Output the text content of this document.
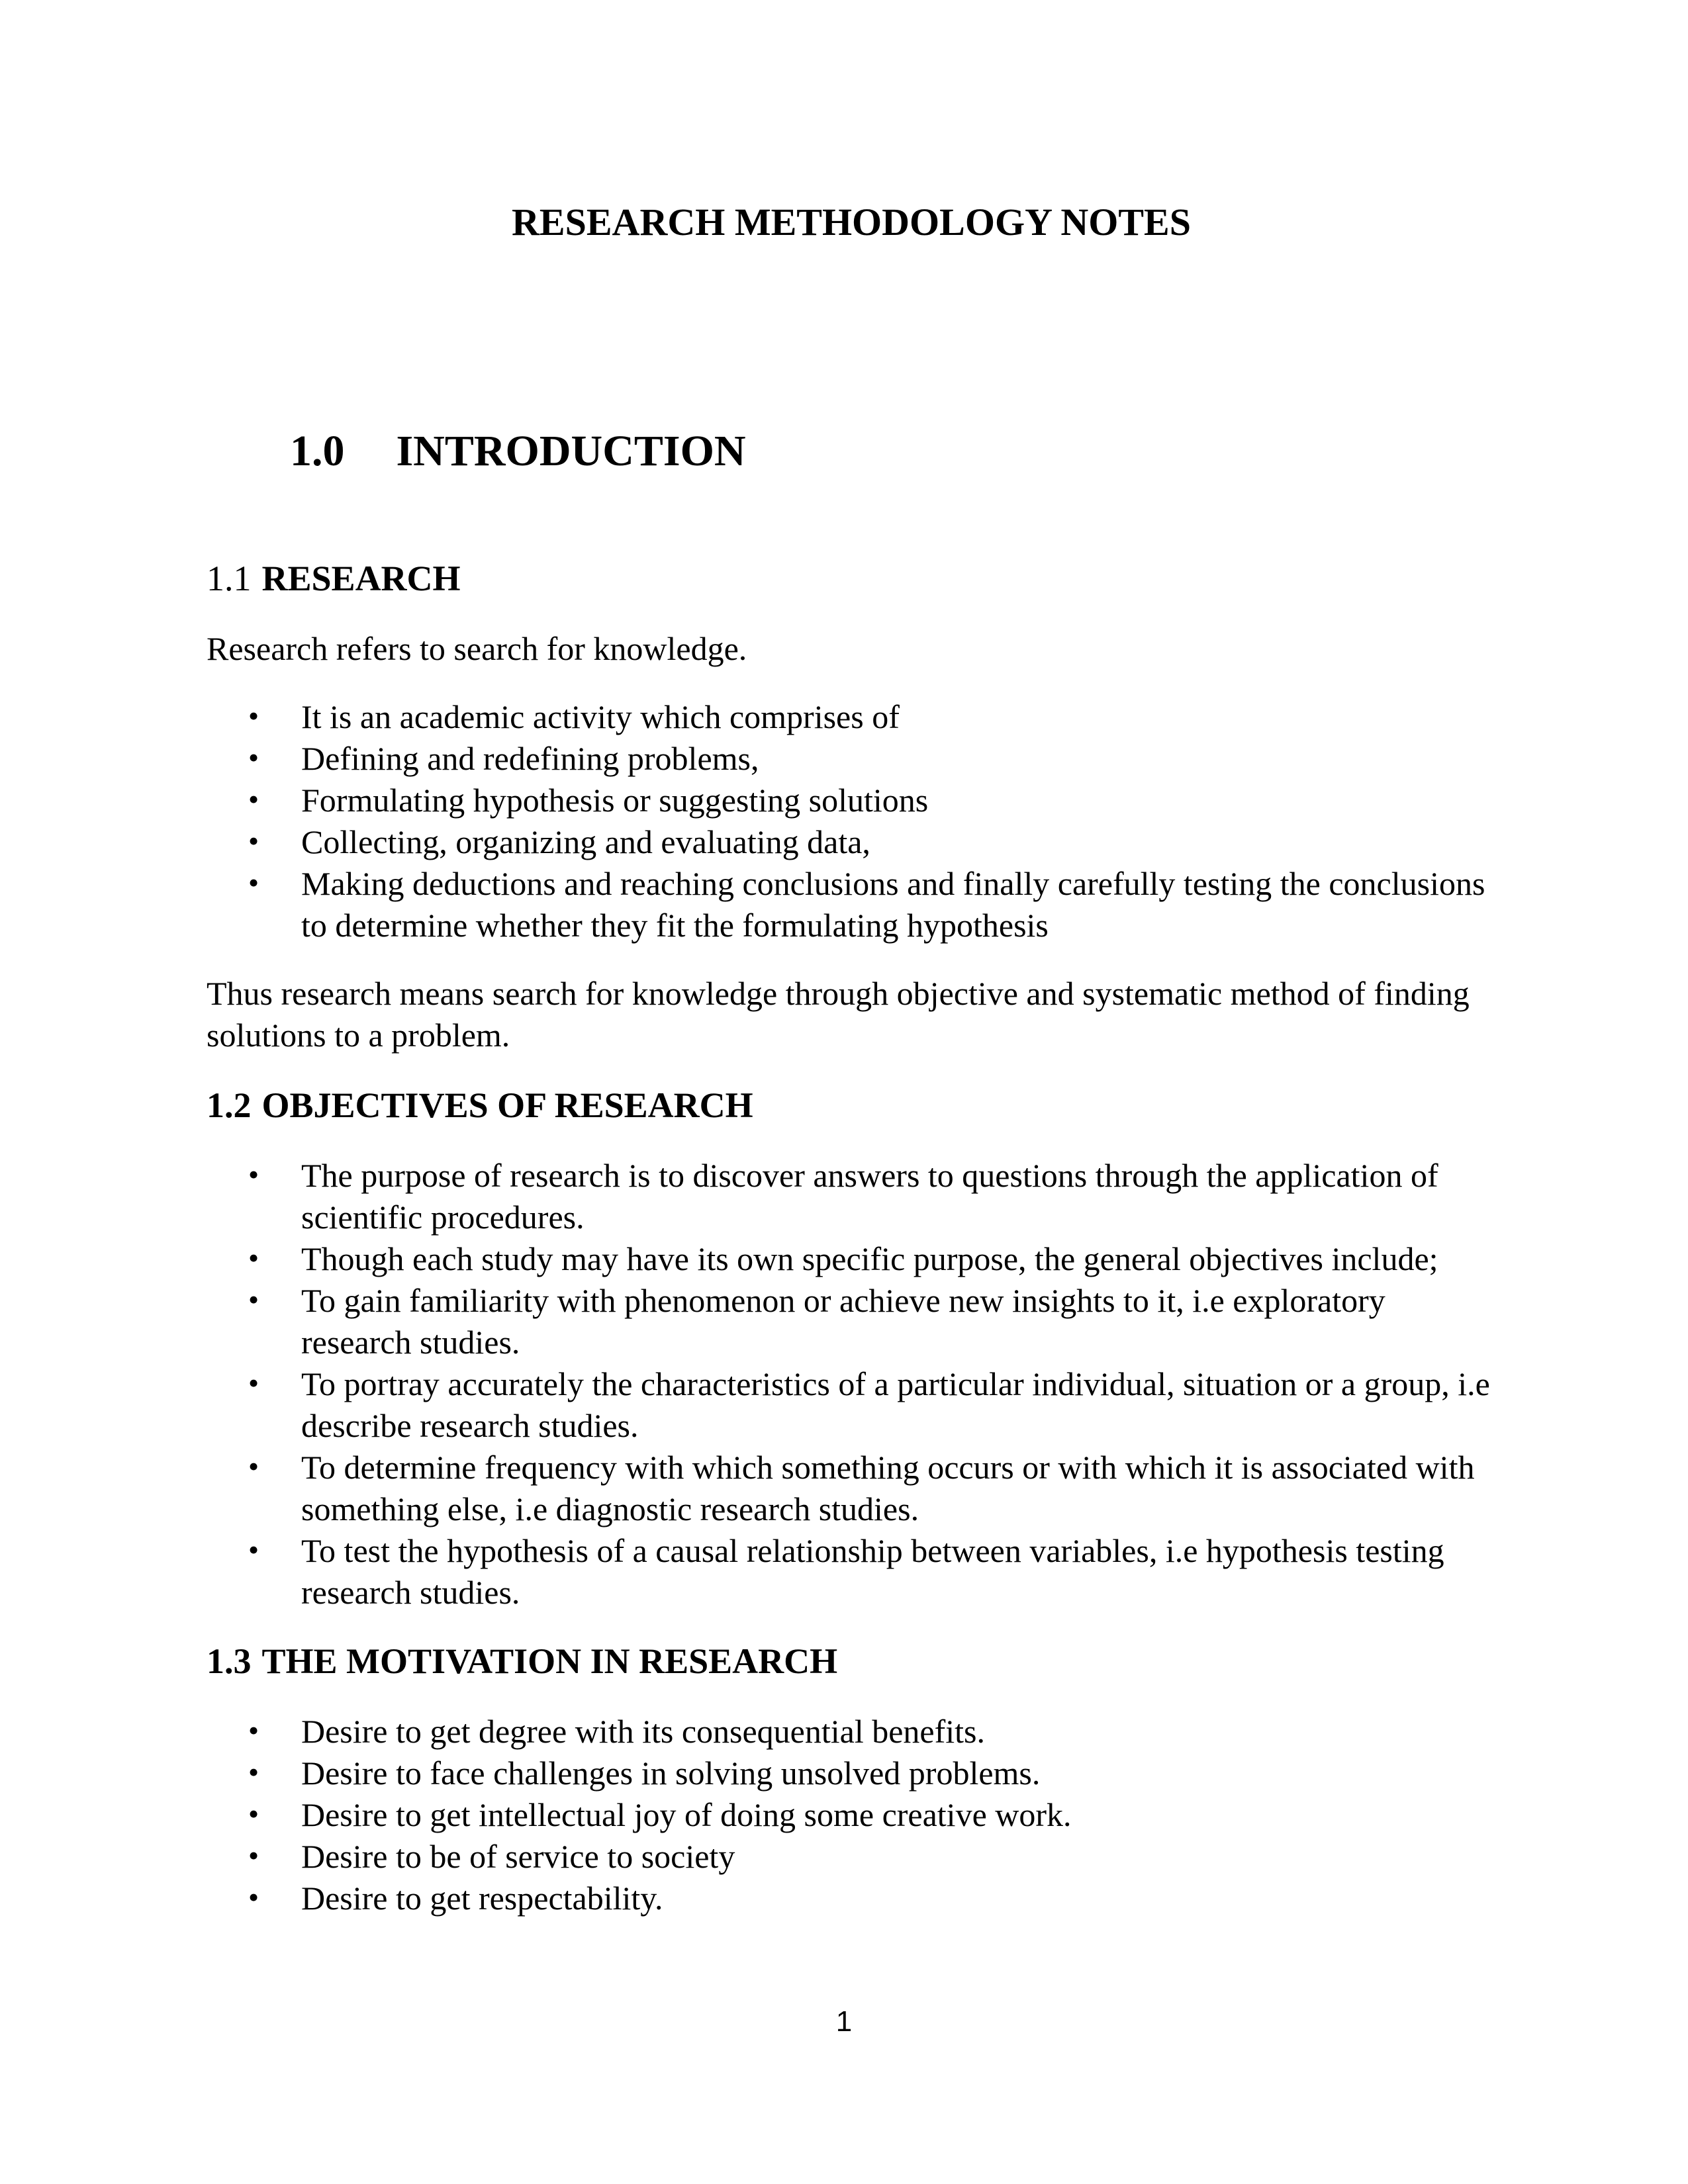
RESEARCH METHODOLOGY NOTES
1.0 INTRODUCTION
1.1 RESEARCH

Research refers to search for knowledge.

• It is an academic activity which comprises of
• Defining and redefining problems,
• Formulating hypothesis or suggesting solutions
• Collecting, organizing and evaluating data,
• Making deductions and reaching conclusions and finally carefully testing the conclusions to determine whether they fit the formulating hypothesis

Thus research means search for knowledge through objective and systematic method of finding solutions to a problem.

1.2 OBJECTIVES OF RESEARCH
• The purpose of research is to discover answers to questions through the application of scientific procedures.
• Though each study may have its own specific purpose, the general objectives include;
• To gain familiarity with phenomenon or achieve new insights to it, i.e exploratory research studies.
• To portray accurately the characteristics of a particular individual, situation or a group, i.e describe research studies.
• To determine frequency with which something occurs or with which it is associated with something else, i.e diagnostic research studies.
• To test the hypothesis of a causal relationship between variables, i.e hypothesis testing research studies.
1.3 THE MOTIVATION IN RESEARCH
• Desire to get degree with its consequential benefits.
• Desire to face challenges in solving unsolved problems.
• Desire to get intellectual joy of doing some creative work.
• Desire to be of service to society
• Desire to get respectability.
1
